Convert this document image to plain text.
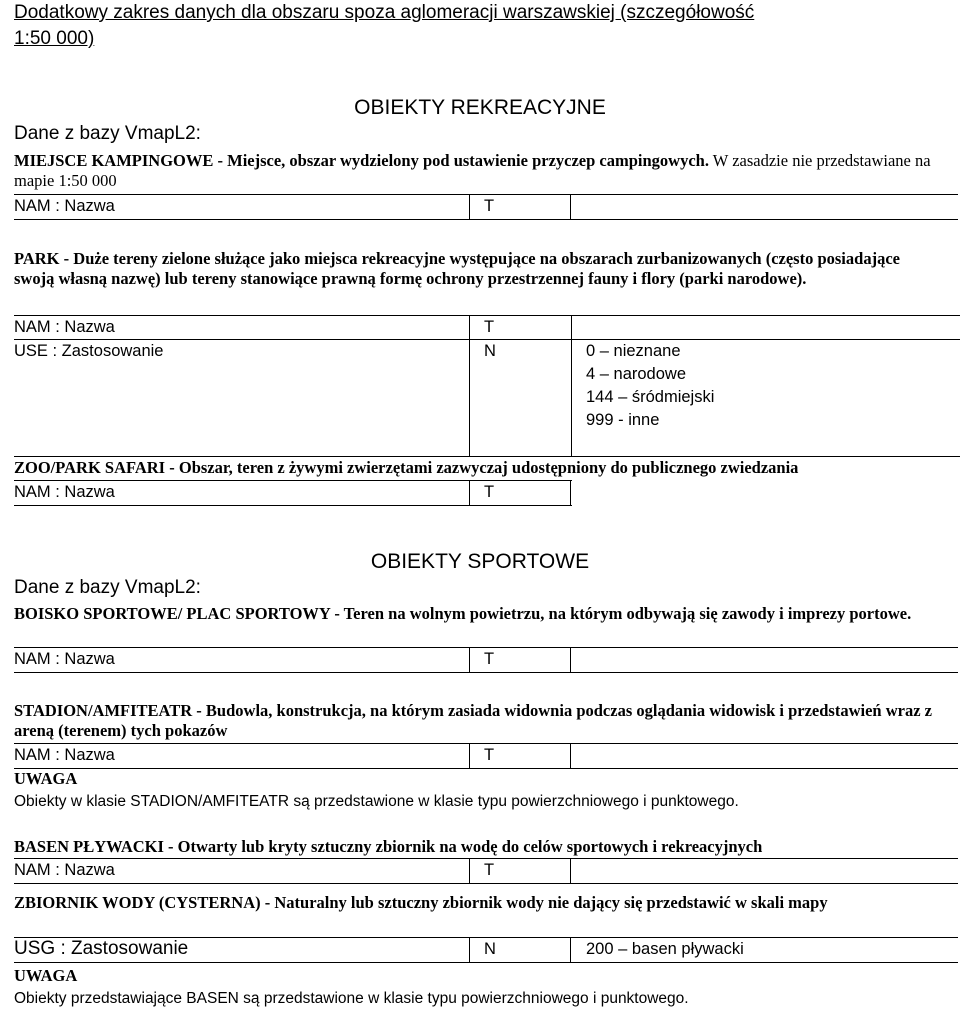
Dodatkowy zakres danych dla obszaru spoza aglomeracji warszawskiej (szczegółowość
1:50 000)
OBIEKTY REKREACYJNE
Dane z bazy VmapL2:
MIEJSCE KAMPINGOWE - Miejsce, obszar wydzielony pod ustawienie przyczep campingowych. W zasadzie nie przedstawiane na mapie 1:50 000
NAM : Nazwa	T
PARK - Duże tereny zielone służące jako miejsca rekreacyjne występujące na obszarach zurbanizowanych (często posiadające swoją własną nazwę) lub tereny stanowiące prawną formę ochrony przestrzennej fauny i flory (parki narodowe).
NAM : Nazwa	T
USE : Zastosowanie	N	0 – nieznane
4 – narodowe
144 – śródmiejski
999 - inne
ZOO/PARK SAFARI - Obszar, teren z żywymi zwierzętami zazwyczaj udostępniony do publicznego zwiedzania
NAM : Nazwa	T
OBIEKTY SPORTOWE
Dane z bazy VmapL2:
BOISKO SPORTOWE/ PLAC SPORTOWY - Teren na wolnym powietrzu, na którym odbywają się zawody i imprezy portowe.
NAM : Nazwa	T
STADION/AMFITEATR - Budowla, konstrukcja, na którym zasiada widownia podczas oglądania widowisk i przedstawień wraz z areną (terenem) tych pokazów
NAM : Nazwa	T
UWAGA
Obiekty w klasie STADION/AMFITEATR są przedstawione w klasie typu powierzchniowego i punktowego.
BASEN PŁYWACKI - Otwarty lub kryty sztuczny zbiornik na wodę do celów sportowych i rekreacyjnych
NAM : Nazwa	T
ZBIORNIK WODY (CYSTERNA) - Naturalny lub sztuczny zbiornik wody nie dający się przedstawić w skali mapy
USG : Zastosowanie	N	200 – basen pływacki
UWAGA
Obiekty przedstawiające BASEN są przedstawione w klasie typu powierzchniowego i punktowego.
